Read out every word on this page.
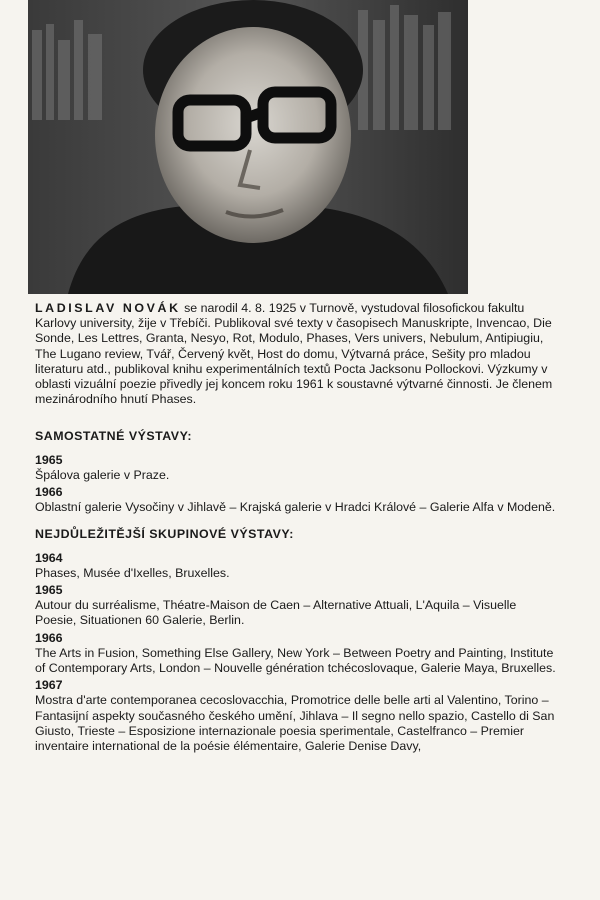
LADISLAV NOVÁK se narodil 4. 8. 1925 v Turnově, vystudoval filosofickou fakultu Karlovy university, žije v Třebíči. Publikoval své texty v časopisech Manuskripte, Invencao, Die Sonde, Les Lettres, Granta, Nesyo, Rot, Modulo, Phases, Vers univers, Nebulum, Antipiugiu, The Lugano review, Tvář, Červený květ, Host do domu, Výtvarná práce, Sešity pro mladou literaturu atd., publikoval knihu experimentálních textů Pocta Jacksonu Pollockovi. Výzkumy v oblasti vizuální poezie přivedly jej koncem roku 1961 k soustavné výtvarné činnosti. Je členem mezinárodního hnutí Phases.

SAMOSTATNÉ VÝSTAVY:

1965

Špálova galerie v Praze.

1966

Oblastní galerie Vysočiny v Jihlavě – Krajská galerie v Hradci Králové – Galerie Alfa v Modeně.

NEJDŮLEŽITĚJŠÍ SKUPINOVÉ VÝSTAVY:

1964

Phases, Musée d'Ixelles, Bruxelles.

1965

Autour du surréalisme, Théatre-Maison de Caen – Alternative Attuali, L'Aquila – Visuelle Poesie, Situationen 60 Galerie, Berlin.

1966

The Arts in Fusion, Something Else Gallery, New York – Between Poetry and Painting, Institute of Contemporary Arts, London – Nouvelle génération tchécoslovaque, Galerie Maya, Bruxelles.

1967

Mostra d'arte contemporanea cecoslovacchia, Promotrice delle belle arti al Valentino, Torino – Fantasijní aspekty současného českého umění, Jihlava – Il segno nello spazio, Castello di San Giusto, Trieste – Esposizione internazionale poesia sperimentale, Castelfranco – Premier inventaire international de la poésie élémentaire, Galerie Denise Davy,
